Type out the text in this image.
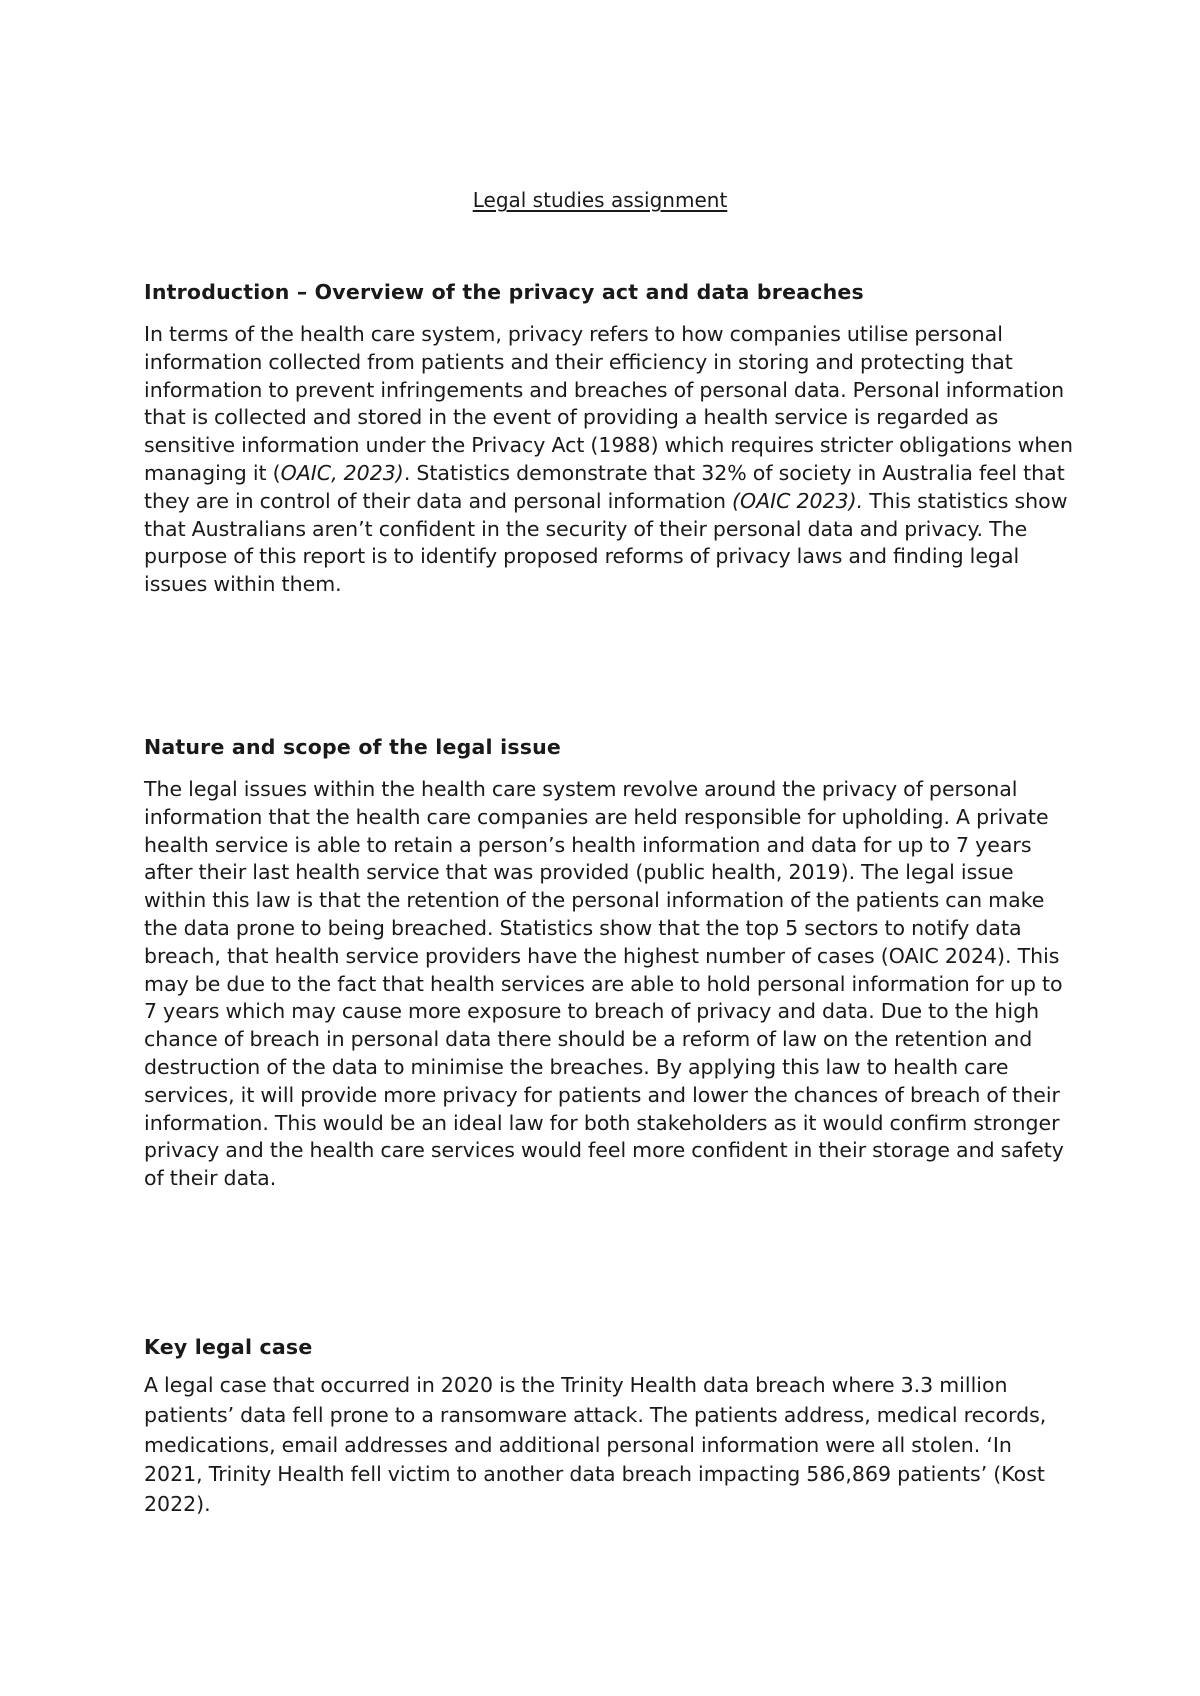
Legal studies assignment
Introduction – Overview of the privacy act and data breaches

In terms of the health care system, privacy refers to how companies utilise personal information collected from patients and their efficiency in storing and protecting that information to prevent infringements and breaches of personal data. Personal information that is collected and stored in the event of providing a health service is regarded as sensitive information under the Privacy Act (1988) which requires stricter obligations when managing it (OAIC, 2023). Statistics demonstrate that 32% of society in Australia feel that they are in control of their data and personal information (OAIC 2023). This statistics show that Australians aren’t confident in the security of their personal data and privacy. The purpose of this report is to identify proposed reforms of privacy laws and finding legal issues within them.

Nature and scope of the legal issue

The legal issues within the health care system revolve around the privacy of personal information that the health care companies are held responsible for upholding. A private health service is able to retain a person’s health information and data for up to 7 years after their last health service that was provided (public health, 2019). The legal issue within this law is that the retention of the personal information of the patients can make the data prone to being breached. Statistics show that the top 5 sectors to notify data breach, that health service providers have the highest number of cases (OAIC 2024). This may be due to the fact that health services are able to hold personal information for up to 7 years which may cause more exposure to breach of privacy and data. Due to the high chance of breach in personal data there should be a reform of law on the retention and destruction of the data to minimise the breaches. By applying this law to health care services, it will provide more privacy for patients and lower the chances of breach of their information. This would be an ideal law for both stakeholders as it would confirm stronger privacy and the health care services would feel more confident in their storage and safety of their data.

Key legal case

A legal case that occurred in 2020 is the Trinity Health data breach where 3.3 million patients’ data fell prone to a ransomware attack. The patients address, medical records, medications, email addresses and additional personal information were all stolen. ‘In 2021, Trinity Health fell victim to another data breach impacting 586,869 patients’ (Kost 2022).
